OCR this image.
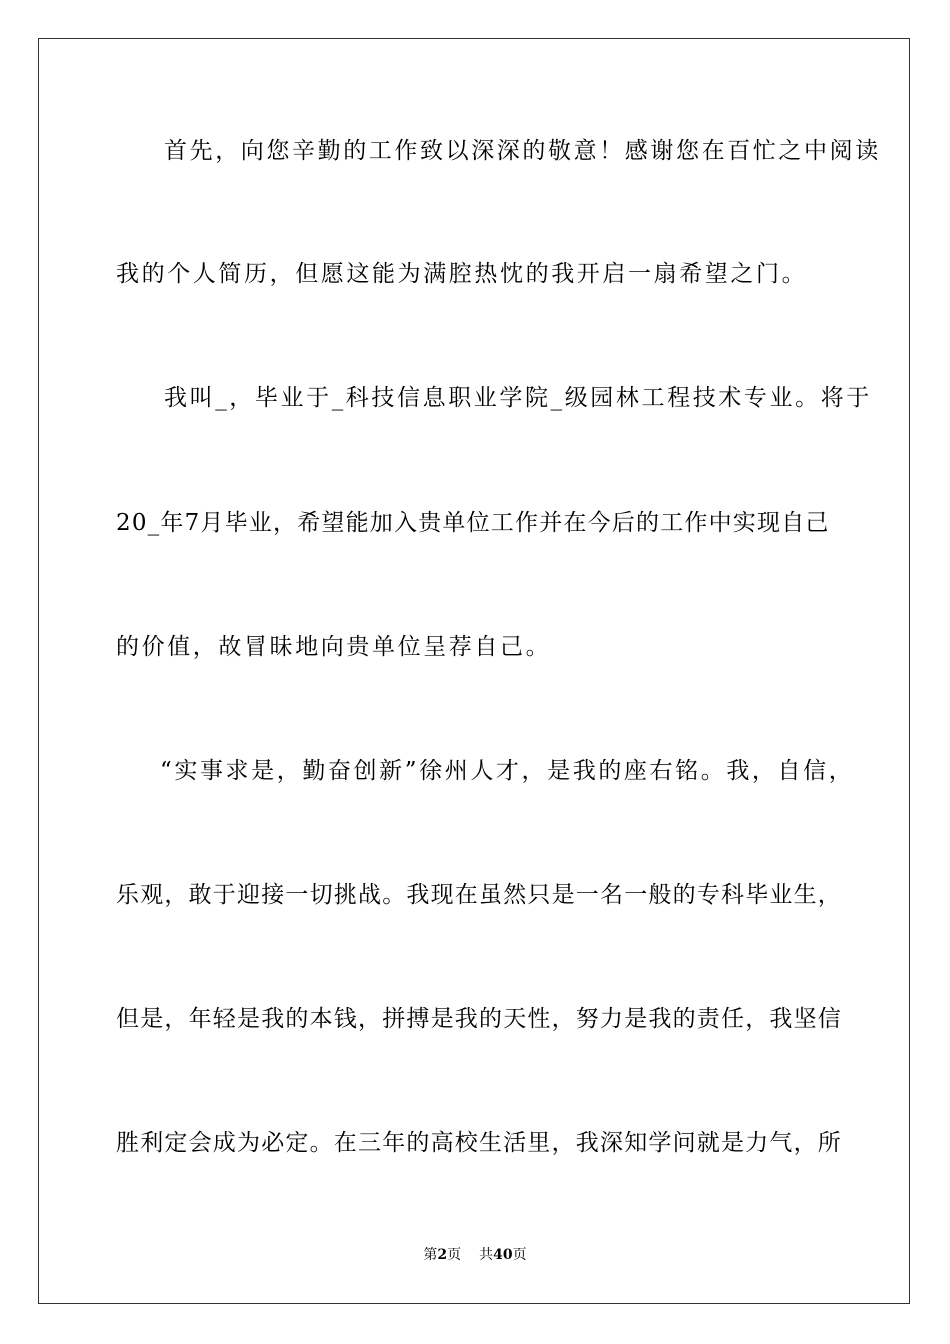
首先，向您辛勤的工作致以深深的敬意！感谢您在百忙之中阅读
我的个人简历，但愿这能为满腔热忱的我开启一扇希望之门。
我叫_，毕业于_科技信息职业学院_级园林工程技术专业。将于
20_年7月毕业，希望能加入贵单位工作并在今后的工作中实现自己
的价值，故冒昧地向贵单位呈荐自己。
“实事求是，勤奋创新”徐州人才，是我的座右铭。我，自信，
乐观，敢于迎接一切挑战。我现在虽然只是一名一般的专科毕业生，
但是，年轻是我的本钱，拼搏是我的天性，努力是我的责任，我坚信
胜利定会成为必定。在三年的高校生活里，我深知学问就是力气，所
第2页 共40页
